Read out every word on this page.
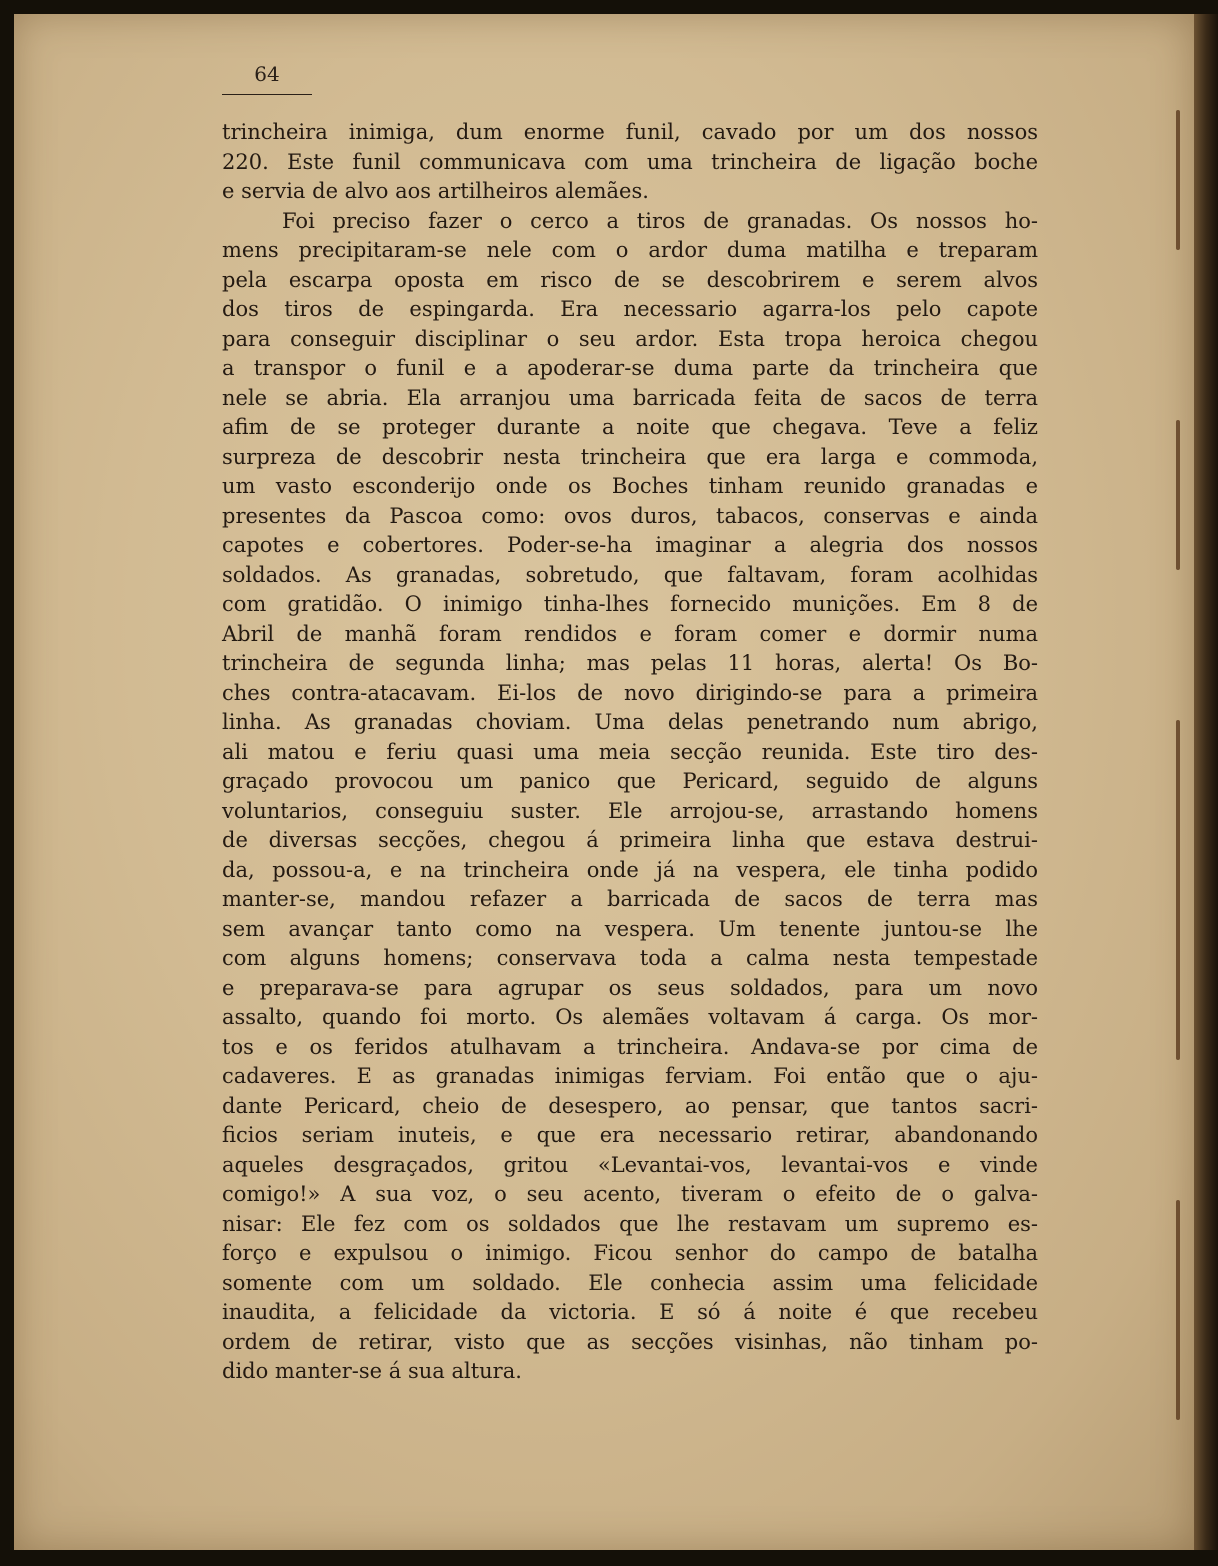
64
trincheira inimiga, dum enorme funil, cavado por um dos nossos
220. Este funil communicava com uma trincheira de ligação boche
e servia de alvo aos artilheiros alemães.
Foi preciso fazer o cerco a tiros de granadas. Os nossos ho-
mens precipitaram-se nele com o ardor duma matilha e treparam
pela escarpa oposta em risco de se descobrirem e serem alvos
dos tiros de espingarda. Era necessario agarra-los pelo capote
para conseguir disciplinar o seu ardor. Esta tropa heroica chegou
a transpor o funil e a apoderar-se duma parte da trincheira que
nele se abria. Ela arranjou uma barricada feita de sacos de terra
afim de se proteger durante a noite que chegava. Teve a feliz
surpreza de descobrir nesta trincheira que era larga e commoda,
um vasto esconderijo onde os Boches tinham reunido granadas e
presentes da Pascoa como: ovos duros, tabacos, conservas e ainda
capotes e cobertores. Poder-se-ha imaginar a alegria dos nossos
soldados. As granadas, sobretudo, que faltavam, foram acolhidas
com gratidão. O inimigo tinha-lhes fornecido munições. Em 8 de
Abril de manhã foram rendidos e foram comer e dormir numa
trincheira de segunda linha; mas pelas 11 horas, alerta! Os Bo-
ches contra-atacavam. Ei-los de novo dirigindo-se para a primeira
linha. As granadas choviam. Uma delas penetrando num abrigo,
ali matou e feriu quasi uma meia secção reunida. Este tiro des-
graçado provocou um panico que Pericard, seguido de alguns
voluntarios, conseguiu suster. Ele arrojou-se, arrastando homens
de diversas secções, chegou á primeira linha que estava destrui-
da, possou-a, e na trincheira onde já na vespera, ele tinha podido
manter-se, mandou refazer a barricada de sacos de terra mas
sem avançar tanto como na vespera. Um tenente juntou-se lhe
com alguns homens; conservava toda a calma nesta tempestade
e preparava-se para agrupar os seus soldados, para um novo
assalto, quando foi morto. Os alemães voltavam á carga. Os mor-
tos e os feridos atulhavam a trincheira. Andava-se por cima de
cadaveres. E as granadas inimigas ferviam. Foi então que o aju-
dante Pericard, cheio de desespero, ao pensar, que tantos sacri-
ficios seriam inuteis, e que era necessario retirar, abandonando
aqueles desgraçados, gritou «Levantai-vos, levantai-vos e vinde
comigo!» A sua voz, o seu acento, tiveram o efeito de o galva-
nisar: Ele fez com os soldados que lhe restavam um supremo es-
forço e expulsou o inimigo. Ficou senhor do campo de batalha
somente com um soldado. Ele conhecia assim uma felicidade
inaudita, a felicidade da victoria. E só á noite é que recebeu
ordem de retirar, visto que as secções visinhas, não tinham po-
dido manter-se á sua altura.
